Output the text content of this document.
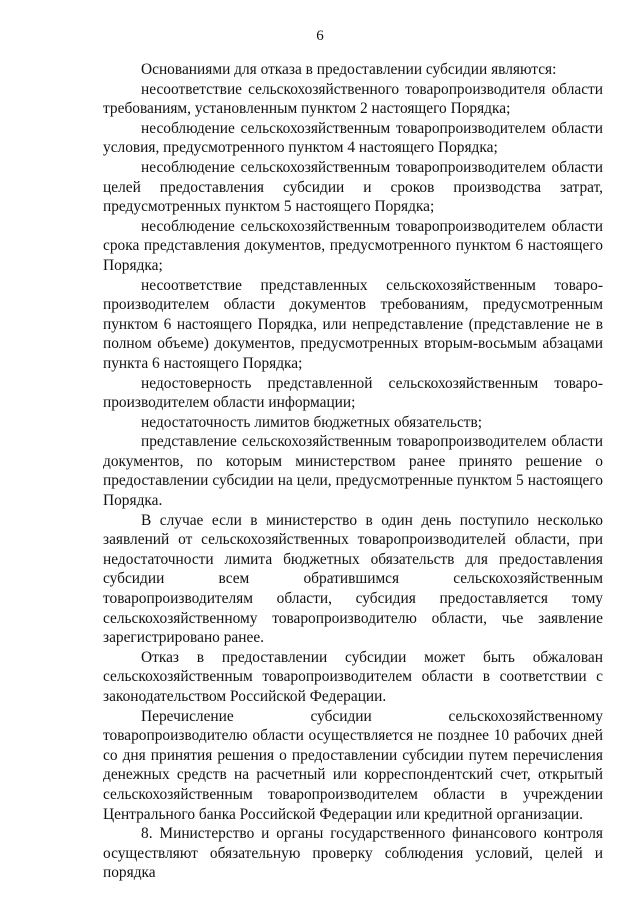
6

Основаниями для отказа в предоставлении субсидии являются:

несоответствие сельскохозяйственного товаропроизводителя области требованиям, установленным пунктом 2 настоящего Порядка;

несоблюдение сельскохозяйственным товаропроизводителем области условия, предусмотренного пунктом 4 настоящего Порядка;

несоблюдение сельскохозяйственным товаропроизводителем области целей предоставления субсидии и сроков производства затрат, предусмотренных пунктом 5 настоящего Порядка;

несоблюдение сельскохозяйственным товаропроизводителем области срока представления документов, предусмотренного пунктом 6 настоящего Порядка;

несоответствие представленных сельскохозяйственным товаро-производителем области документов требованиям, предусмотренным пунктом 6 настоящего Порядка, или непредставление (представление не в полном объеме) документов, предусмотренных вторым-восьмым абзацами пункта 6 настоящего Порядка;

недостоверность представленной сельскохозяйственным товаро-производителем области информации;

недостаточность лимитов бюджетных обязательств;

представление сельскохозяйственным товаропроизводителем области документов, по которым министерством ранее принято решение о предоставлении субсидии на цели, предусмотренные пунктом 5 настоящего Порядка.

В случае если в министерство в один день поступило несколько заявлений от сельскохозяйственных товаропроизводителей области, при недостаточности лимита бюджетных обязательств для предоставления субсидии всем обратившимся сельскохозяйственным товаропроизводителям области, субсидия предоставляется тому сельскохозяйственному товаропроизводителю области, чье заявление зарегистрировано ранее.

Отказ в предоставлении субсидии может быть обжалован сельскохозяйственным товаропроизводителем области в соответствии с законодательством Российской Федерации.

Перечисление субсидии сельскохозяйственному товаропроизводителю области осуществляется не позднее 10 рабочих дней со дня принятия решения о предоставлении субсидии путем перечисления денежных средств на расчетный или корреспондентский счет, открытый сельскохозяйственным товаропроизводителем области в учреждении Центрального банка Российской Федерации или кредитной организации.

8. Министерство и органы государственного финансового контроля осуществляют обязательную проверку соблюдения условий, целей и порядка
